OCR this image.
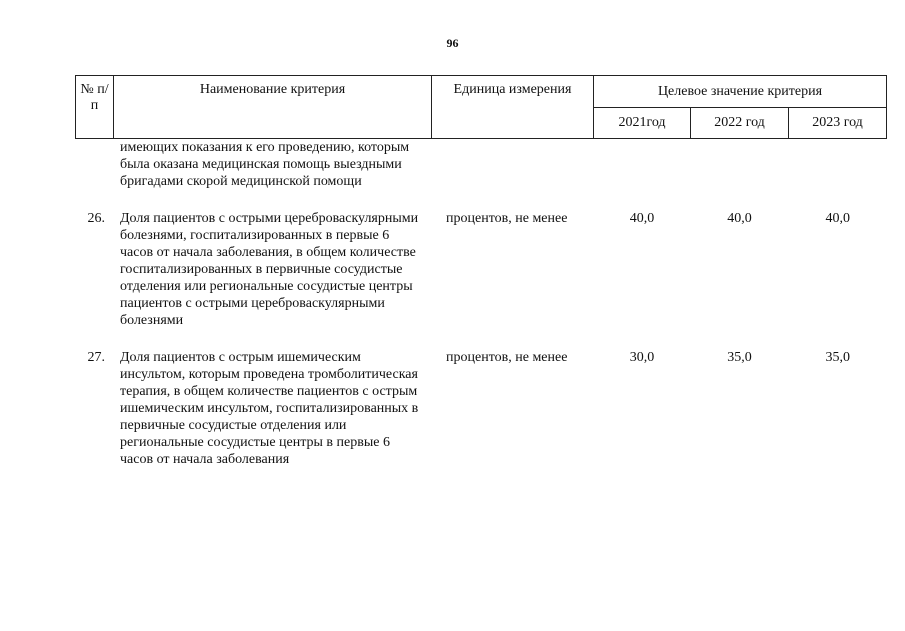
96
№ п/п	Наименование критерия	Единица измерения	Целевое значение критерия		
			2021год	2022 год	2023 год
	имеющих показания к его проведению, которым была оказана медицинская помощь выездными бригадами скорой медицинской помощи				

26.	Доля пациентов с острыми цереброваскулярными болезнями, госпитализированных в первые 6 часов от начала заболевания, в общем количестве госпитализированных в первичные сосудистые отделения или региональные сосудистые центры пациентов с острыми цереброваскулярными болезнями	процентов, не менее	40,0	40,0	40,0

27.	Доля пациентов с острым ишемическим инсультом, которым проведена тромболитическая терапия, в общем количестве пациентов с острым ишемическим инсультом, госпитализированных в первичные сосудистые отделения или региональные сосудистые центры в первые 6 часов от начала заболевания	процентов, не менее	30,0	35,0	35,0
